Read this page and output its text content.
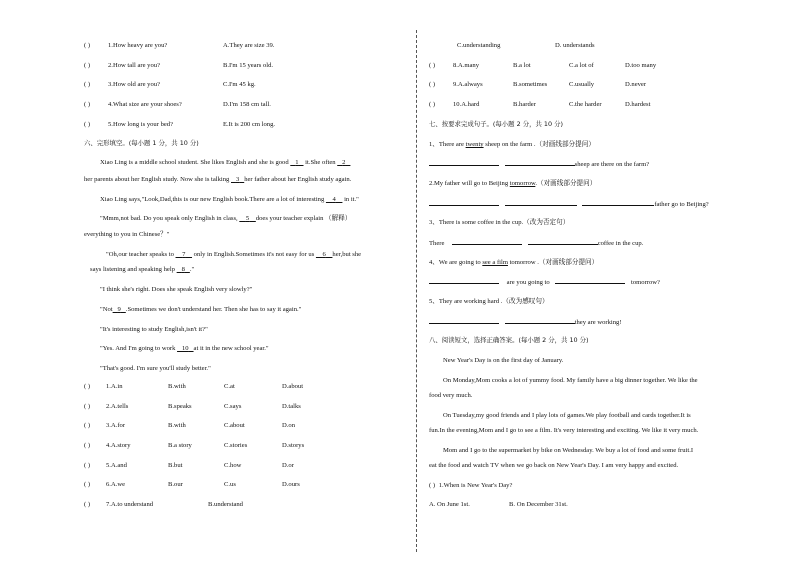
( )	1.How heavy are you?	A.They are size 39.
( )	2.How tall are you?	B.I'm 15 years old.
( )	3.How old are you?	C.I'm 45 kg.
( )	4.What size are your shoes?	D.I'm 158 cm tall.
( )	5.How long is your bed?	E.It is 200 cm long.
六、完形填空。(每小题 1 分，共 10 分)
Xiao Ling is a middle school student. She likes English and she is good 1 it.She often 2
her parents about her English study. Now she is talking 3 her father about her English study again.
Xiao Ling says,"Look,Dad,this is our new English book.There are a lot of interesting 4 in it."
"Mmm,not bad. Do you speak only English in class, 5 does your teacher explain （解释）
everything to you in Chinese？"
"Oh,our teacher speaks to 7 only in English.Sometimes it's not easy for us 6 her,but she
says listening and speaking help 8 ."
"I think she's right. Does she speak English very slowly?"
"Not 9 .Sometimes we don't understand her. Then she has to say it again."
"It's interesting to study English,isn't it?"
"Yes. And I'm going to work 10 at it in the new school year."
"That's good. I'm sure you'll study better."
( ) 1.A.in	B.with	C.at	D.about
( ) 2.A.tells	B.speaks	C.says	D.talks
( ) 3.A.for	B.with	C.about	D.on
( ) 4.A.story	B.a story	C.stories	D.storys
( ) 5.A.and	B.but	C.how	D.or
( ) 6.A.we	B.our	C.us	D.ours
( ) 7.A.to understand	B.understand
C.understanding	D. understands
( )	8.A.many	B.a lot	C.a lot of	D.too many
( )	9.A.always	B.sometimes	C.usually	D.never
( )	10.A.hard	B.harder	C.the harder	D.hardest
七、按要求完成句子。(每小题 2 分，共 10 分)
1、There are twenty sheep on the farm .（对画线部分提问）
sheep are there on the farm?
2.My father will go to Beijing tomorrow.（对画线部分提问）
father go to Beijing?
3、There is some coffee in the cup.（改为否定句）
There	coffee in the cup.
4、We are going to see a film tomorrow .（对画线部分提问）
are you going to	tomorrow?
5、They are working hard .（改为感叹句）
they are working!
八、阅读短文，选择正确答案。(每小题 2 分，共 10 分)
New Year's Day is on the first day of January.
On Monday,Mom cooks a lot of yummy food. My family have a big dinner together. We like the
food very much.
On Tuesday,my good friends and I play lots of games.We play football and cards together.It is
fun.In the evening,Mom and I go to see a film. It's very interesting and exciting. We like it very much.
Mom and I go to the supermarket by bike on Wednesday. We buy a lot of food and some fruit.I
eat the food and watch TV when we go back on New Year's Day. I am very happy and excited.
( ) 1.When is New Year's Day?
A. On June 1st.	B. On December 31st.
